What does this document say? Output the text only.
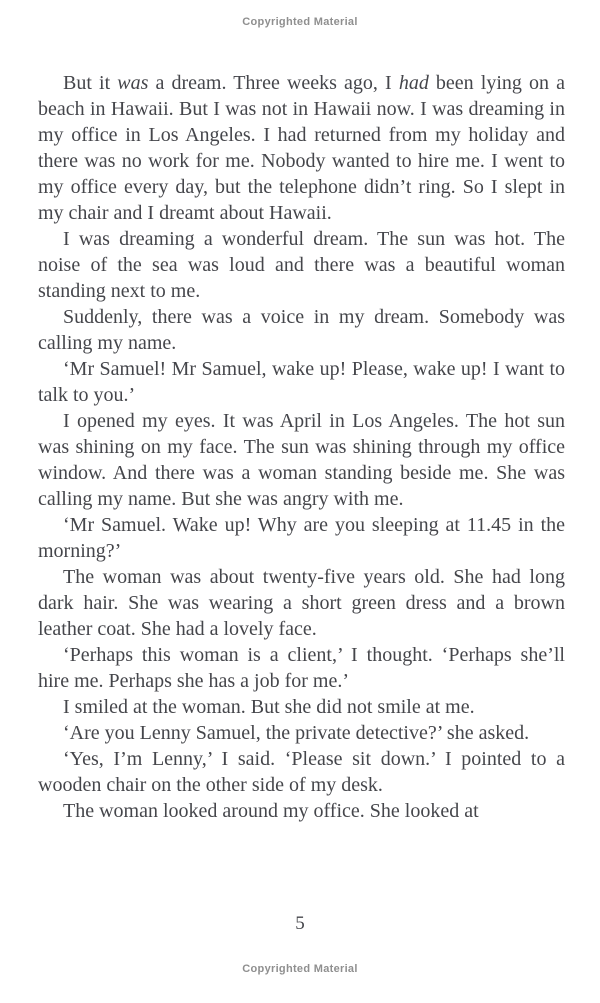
Copyrighted Material

But it was a dream. Three weeks ago, I had been lying on a beach in Hawaii. But I was not in Hawaii now. I was dreaming in my office in Los Angeles. I had returned from my holiday and there was no work for me. Nobody wanted to hire me. I went to my office every day, but the telephone didn’t ring. So I slept in my chair and I dreamt about Hawaii.

I was dreaming a wonderful dream. The sun was hot. The noise of the sea was loud and there was a beautiful woman standing next to me.

Suddenly, there was a voice in my dream. Somebody was calling my name.

‘Mr Samuel! Mr Samuel, wake up! Please, wake up! I want to talk to you.’

I opened my eyes. It was April in Los Angeles. The hot sun was shining on my face. The sun was shining through my office window. And there was a woman standing beside me. She was calling my name. But she was angry with me.

‘Mr Samuel. Wake up! Why are you sleeping at 11.45 in the morning?’

The woman was about twenty-five years old. She had long dark hair. She was wearing a short green dress and a brown leather coat. She had a lovely face.

‘Perhaps this woman is a client,’ I thought. ‘Perhaps she’ll hire me. Perhaps she has a job for me.’

I smiled at the woman. But she did not smile at me.

‘Are you Lenny Samuel, the private detective?’ she asked.

‘Yes, I’m Lenny,’ I said. ‘Please sit down.’ I pointed to a wooden chair on the other side of my desk.

The woman looked around my office. She looked at

5
Copyrighted Material
